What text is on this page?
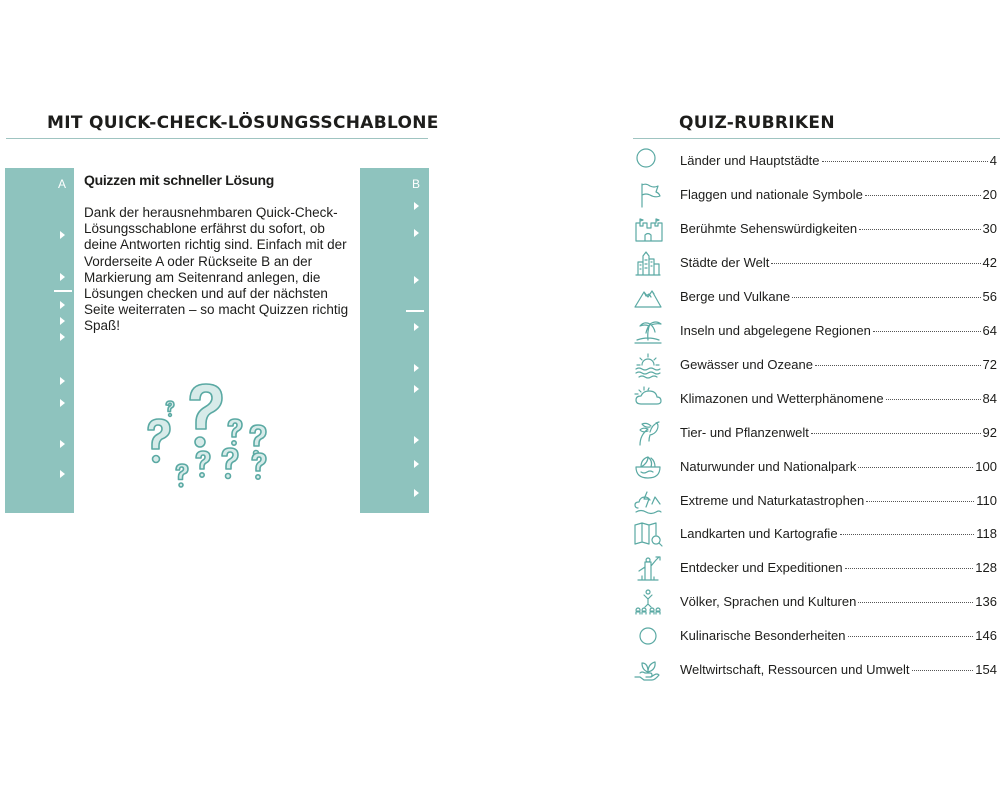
MIT QUICK-CHECK-LÖSUNGSSCHABLONE
A	B
Quizzen mit schneller Lösung
Dank der herausnehmbaren Quick-Check-Lösungsschablone erfährst du sofort, ob deine Antworten richtig sind. Einfach mit der Vorderseite A oder Rückseite B an der Markierung am Seitenrand anlegen, die Lösungen checken und auf der nächsten Seite weiterraten – so macht Quizzen richtig Spaß!
QUIZ-RUBRIKEN
Länder und Hauptstädte	4
Flaggen und nationale Symbole	20
Berühmte Sehenswürdigkeiten	30
Städte der Welt	42
Berge und Vulkane	56
Inseln und abgelegene Regionen	64
Gewässer und Ozeane	72
Klimazonen und Wetterphänomene	84
Tier- und Pflanzenwelt	92
Naturwunder und Nationalpark	100
Extreme und Naturkatastrophen	110
Landkarten und Kartografie	118
Entdecker und Expeditionen	128
Völker, Sprachen und Kulturen	136
Kulinarische Besonderheiten	146
Weltwirtschaft, Ressourcen und Umwelt	154
